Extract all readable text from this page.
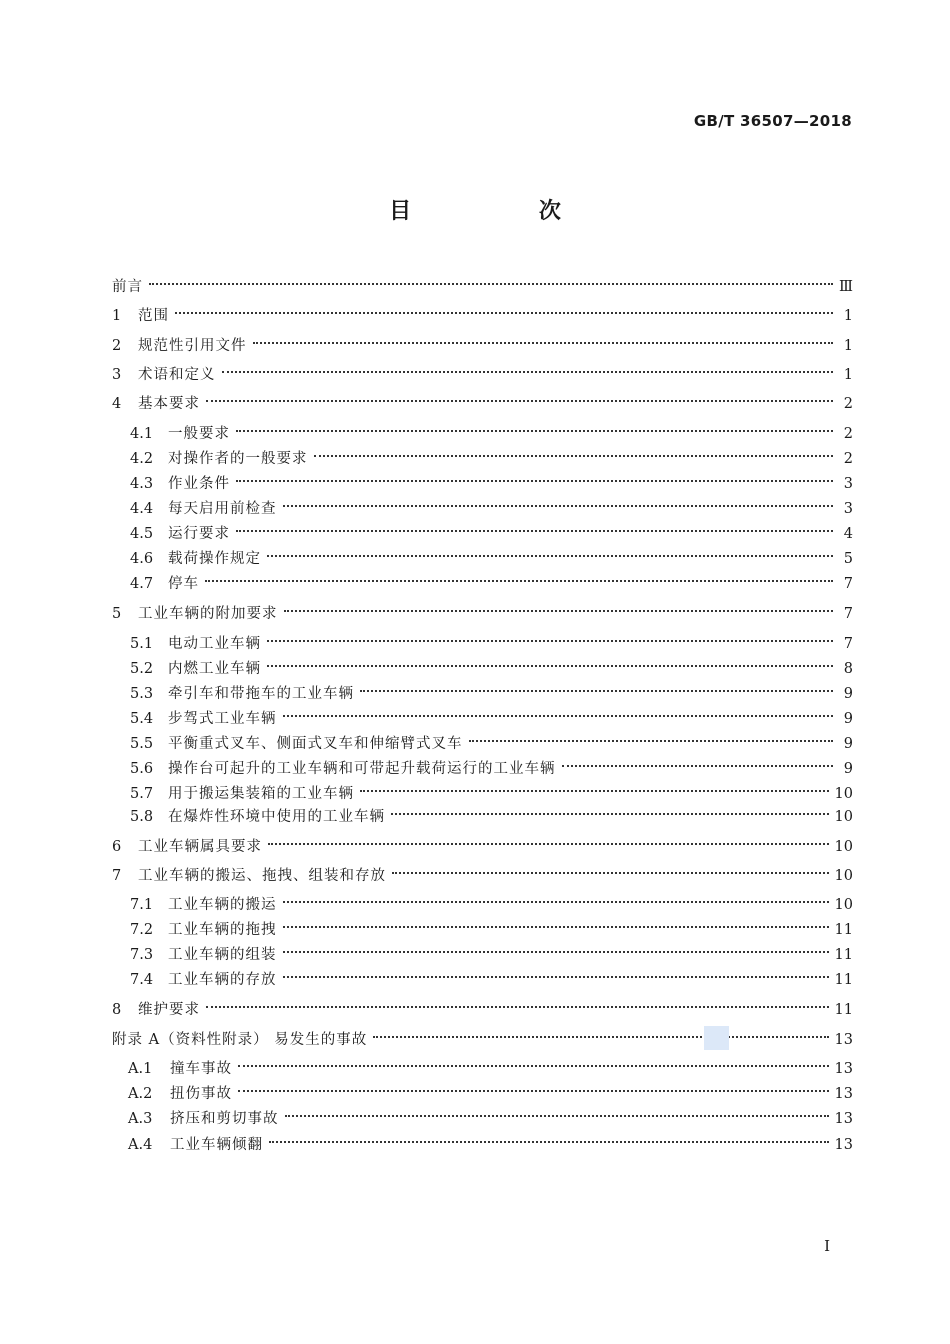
GB/T 36507—2018
目 次
前言	Ⅲ
1	范围	1
2	规范性引用文件	1
3	术语和定义	1
4	基本要求	2
4.1	一般要求	2
4.2	对操作者的一般要求	2
4.3	作业条件	3
4.4	每天启用前检查	3
4.5	运行要求	4
4.6	载荷操作规定	5
4.7	停车	7
5	工业车辆的附加要求	7
5.1	电动工业车辆	7
5.2	内燃工业车辆	8
5.3	牵引车和带拖车的工业车辆	9
5.4	步驾式工业车辆	9
5.5	平衡重式叉车、侧面式叉车和伸缩臂式叉车	9
5.6	操作台可起升的工业车辆和可带起升载荷运行的工业车辆	9
5.7	用于搬运集装箱的工业车辆	10
5.8	在爆炸性环境中使用的工业车辆	10
6	工业车辆属具要求	10
7	工业车辆的搬运、拖拽、组装和存放	10
7.1	工业车辆的搬运	10
7.2	工业车辆的拖拽	11
7.3	工业车辆的组装	11
7.4	工业车辆的存放	11
8	维护要求	11
附录 A（资料性附录） 易发生的事故	13
A.1	撞车事故	13
A.2	扭伤事故	13
A.3	挤压和剪切事故	13
A.4	工业车辆倾翻	13
I
